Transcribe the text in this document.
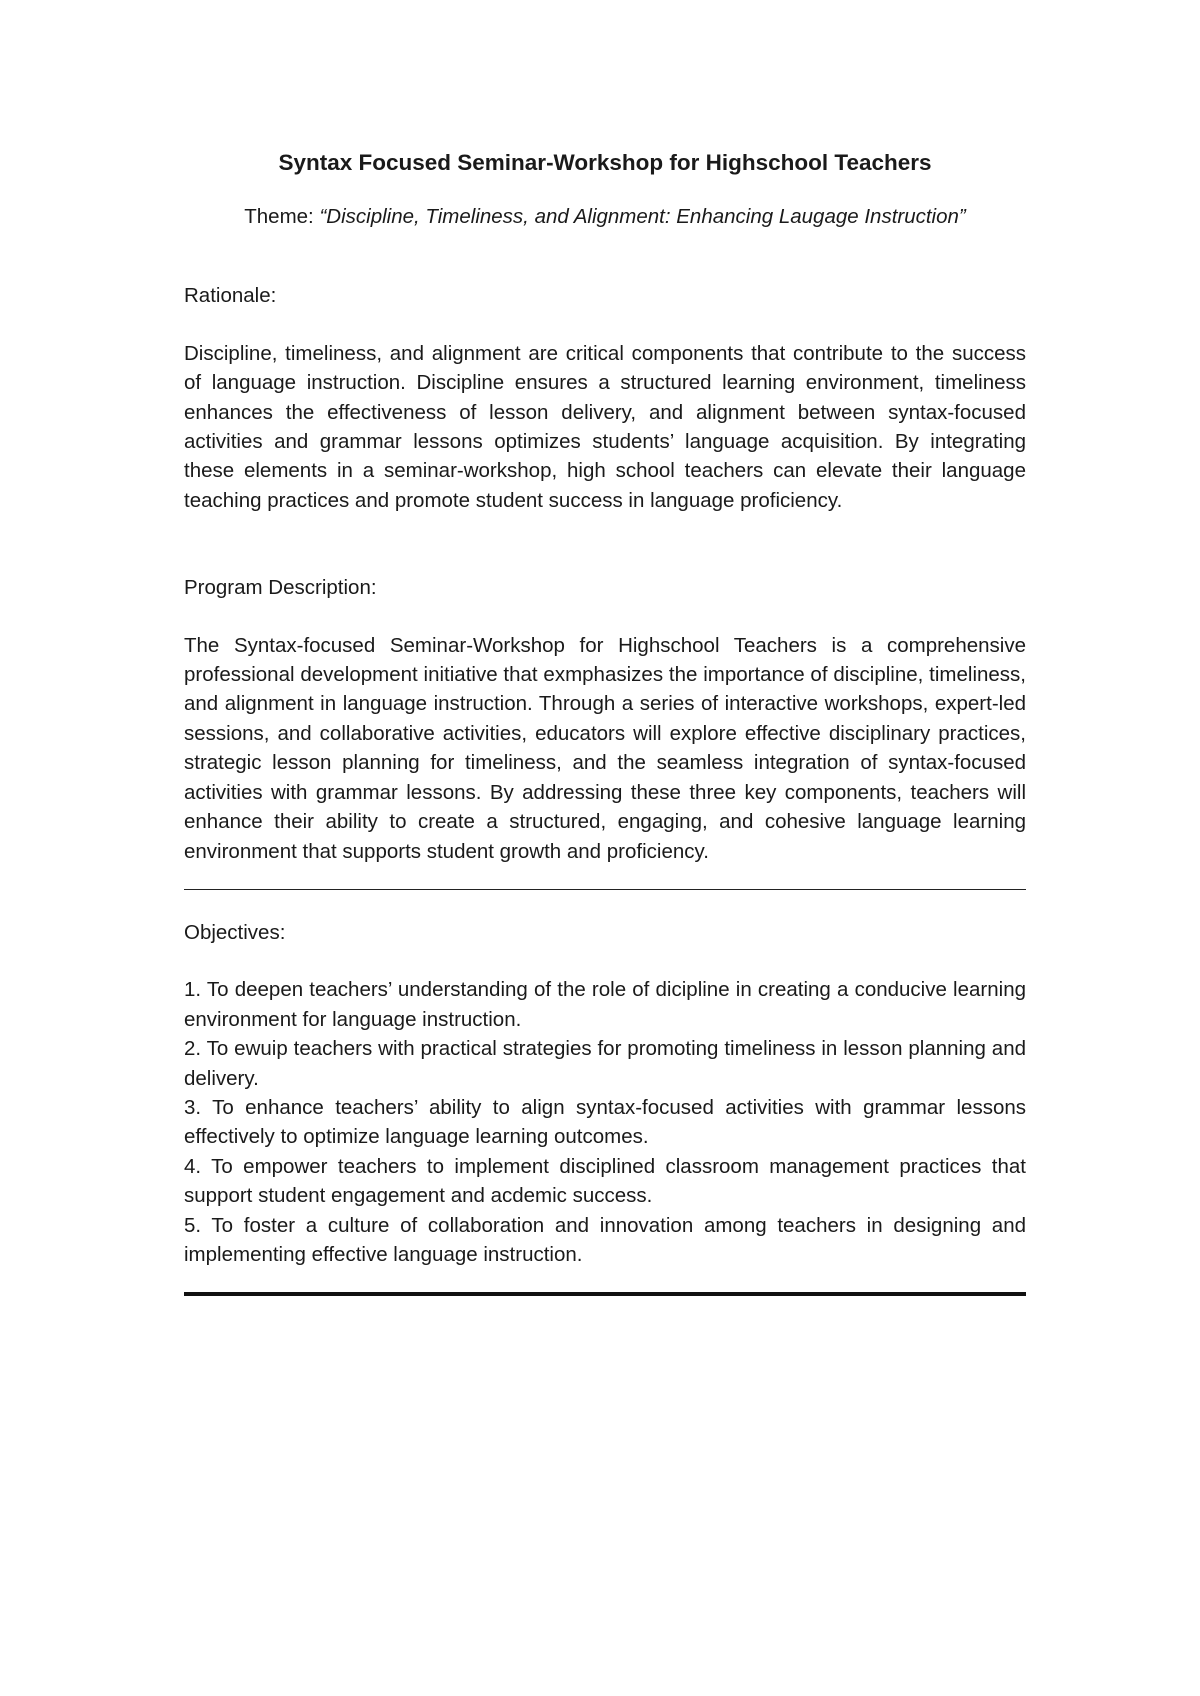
Syntax Focused Seminar-Workshop for Highschool Teachers

Theme: “Discipline, Timeliness, and Alignment: Enhancing Laugage Instruction”

Rationale:

Discipline, timeliness, and alignment are critical components that contribute to the success of language instruction. Discipline ensures a structured learning environment, timeliness enhances the effectiveness of lesson delivery, and alignment between syntax-focused activities and grammar lessons optimizes students’ language acquisition. By integrating these elements in a seminar-workshop, high school teachers can elevate their language teaching practices and promote student success in language proficiency.

Program Description:

The Syntax-focused Seminar-Workshop for Highschool Teachers is a comprehensive professional development initiative that exmphasizes the importance of discipline, timeliness, and alignment in language instruction. Through a series of interactive workshops, expert-led sessions, and collaborative activities, educators will explore effective disciplinary practices, strategic lesson planning for timeliness, and the seamless integration of syntax-focused activities with grammar lessons. By addressing these three key components, teachers will enhance their ability to create a structured, engaging, and cohesive language learning environment that supports student growth and proficiency.

Objectives:

1. To deepen teachers’ understanding of the role of dicipline in creating a conducive learning environment for language instruction.
2. To ewuip teachers with practical strategies for promoting timeliness in lesson planning and delivery.
3. To enhance teachers’ ability to align syntax-focused activities with grammar lessons effectively to optimize language learning outcomes.
4. To empower teachers to implement disciplined classroom management practices that support student engagement and acdemic success.
5. To foster a culture of collaboration and innovation among teachers in designing and implementing effective language instruction.
